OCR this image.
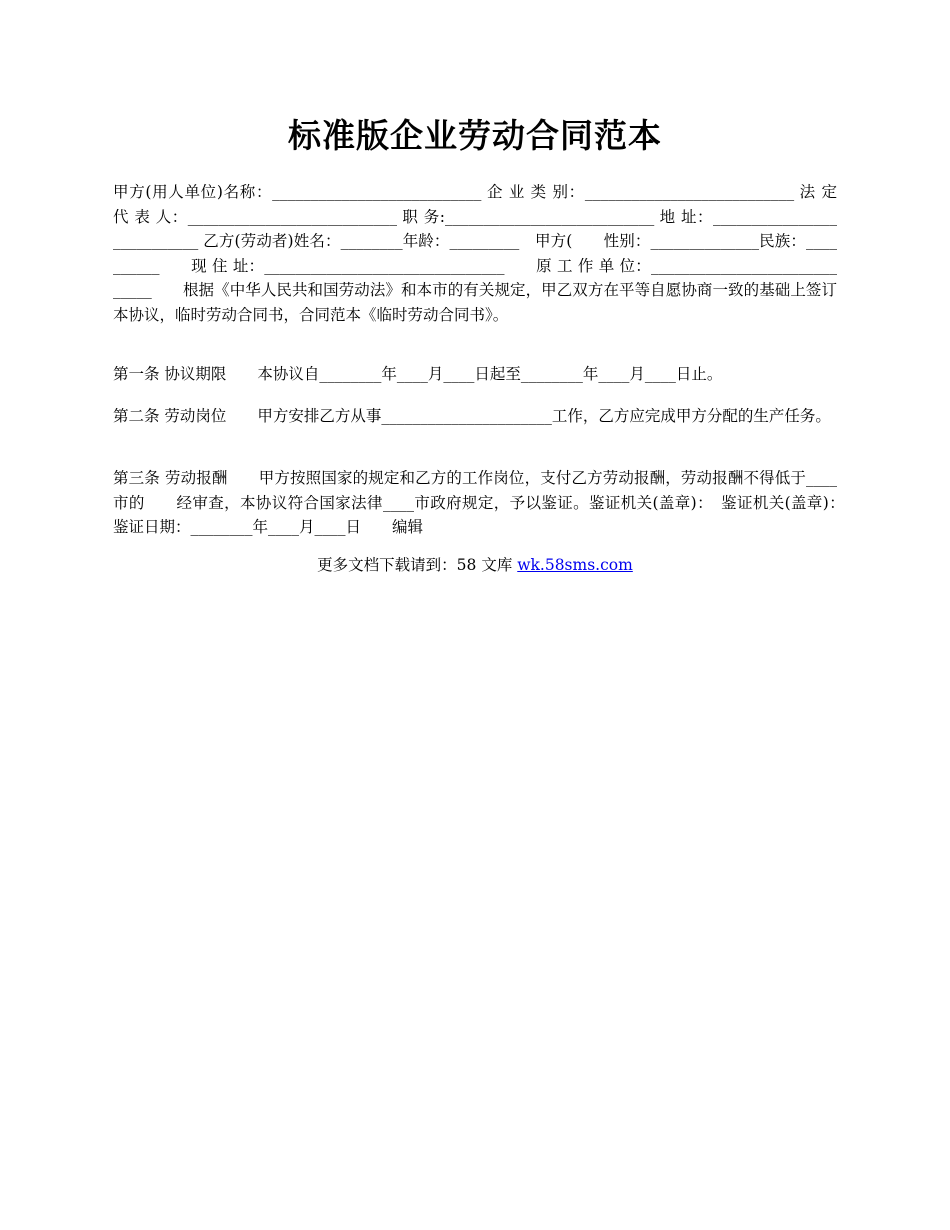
标准版企业劳动合同范本

甲方(用人单位)名称：___________________________ 企 业 类 别：___________________________ 法 定 代 表 人：___________________________ 职 务:___________________________ 地 址：___________________________ 乙方(劳动者)姓名：________年龄：_________　甲方(　　性别：______________民族：__________　　现 住 址：_______________________________　　原 工 作 单 位：_____________________________　　根据《中华人民共和国劳动法》和本市的有关规定，甲乙双方在平等自愿协商一致的基础上签订本协议，临时劳动合同书，合同范本《临时劳动合同书》。

第一条 协议期限　　本协议自________年____月____日起至________年____月____日止。

第二条 劳动岗位　　甲方安排乙方从事______________________工作，乙方应完成甲方分配的生产任务。

第三条 劳动报酬　　甲方按照国家的规定和乙方的工作岗位，支付乙方劳动报酬，劳动报酬不得低于____市的　　经审查，本协议符合国家法律____市政府规定，予以鉴证。鉴证机关(盖章)：　鉴证机关(盖章)：　　　鉴证日期：________年____月____日　　编辑

更多文档下载请到：58 文库 wk.58sms.com
